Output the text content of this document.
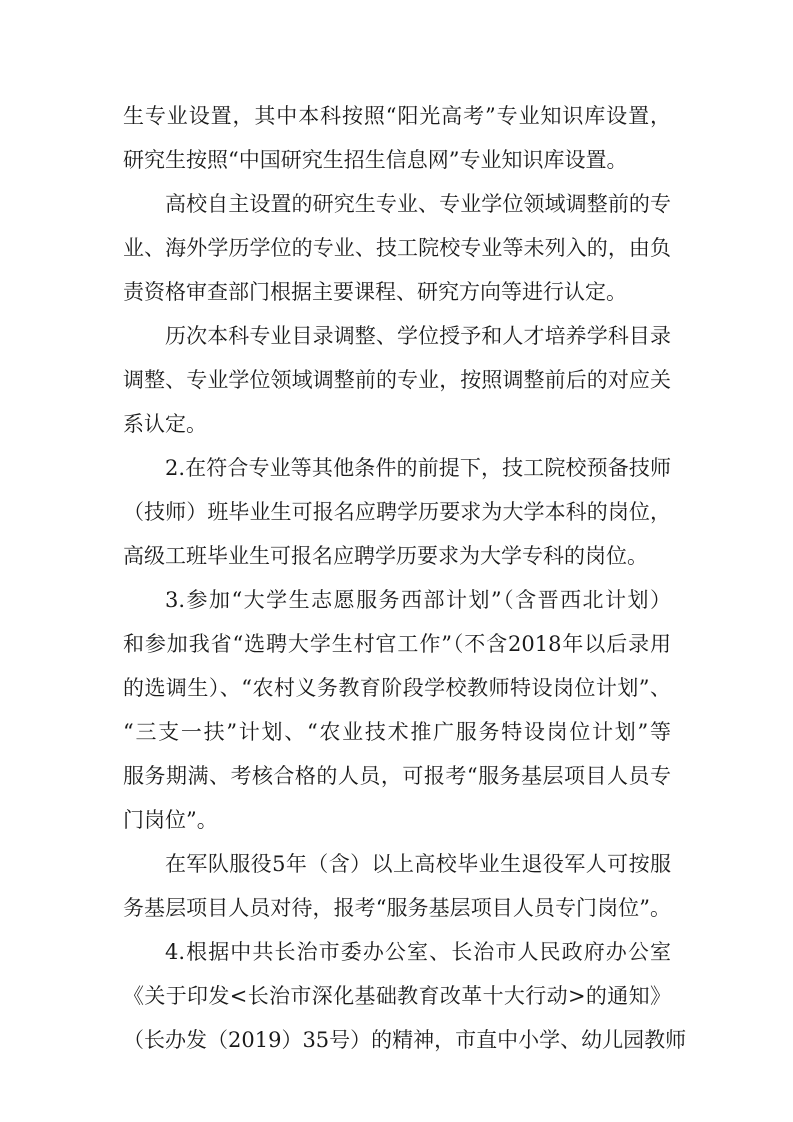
生专业设置，其中本科按照“阳光高考”专业知识库设置，
研究生按照“中国研究生招生信息网”专业知识库设置。
高校自主设置的研究生专业、专业学位领域调整前的专
业、海外学历学位的专业、技工院校专业等未列入的，由负
责资格审查部门根据主要课程、研究方向等进行认定。
历次本科专业目录调整、学位授予和人才培养学科目录
调整、专业学位领域调整前的专业，按照调整前后的对应关
系认定。
2.在符合专业等其他条件的前提下，技工院校预备技师
（技师）班毕业生可报名应聘学历要求为大学本科的岗位，
高级工班毕业生可报名应聘学历要求为大学专科的岗位。
3.参加“大学生志愿服务西部计划”（含晋西北计划）
和参加我省“选聘大学生村官工作”（不含2018年以后录用
的选调生）、“农村义务教育阶段学校教师特设岗位计划”、
“三支一扶”计划、“农业技术推广服务特设岗位计划”等
服务期满、考核合格的人员，可报考“服务基层项目人员专
门岗位”。
在军队服役5年（含）以上高校毕业生退役军人可按服
务基层项目人员对待，报考“服务基层项目人员专门岗位”。
4.根据中共长治市委办公室、长治市人民政府办公室
《关于印发<长治市深化基础教育改革十大行动>的通知》
（长办发（2019）35号）的精神，市直中小学、幼儿园教师
